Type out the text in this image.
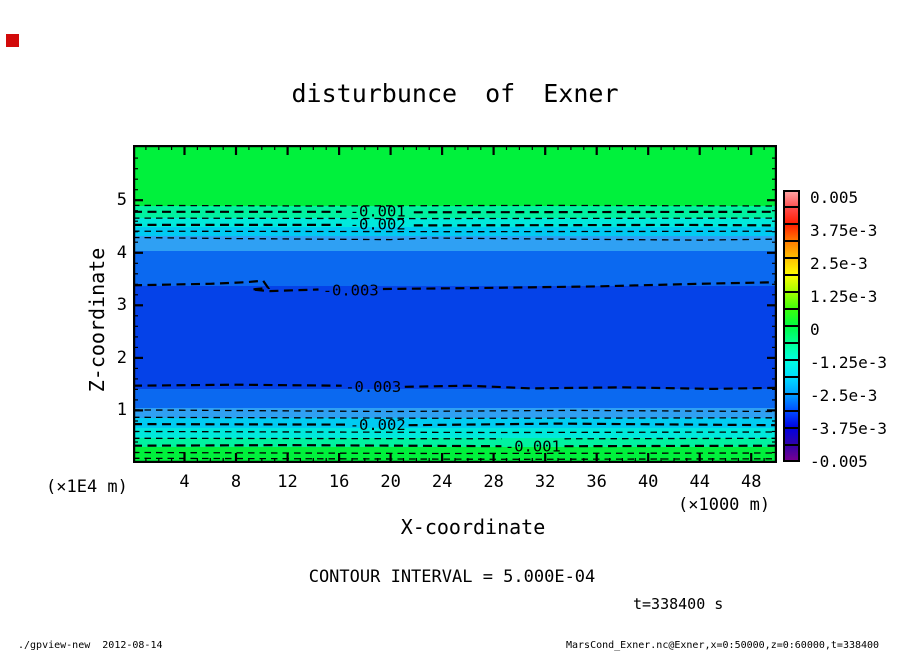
disturbunce of Exner
-0.001
-0.002
-0.003
-0.003
-0.002
-0.001
Z-coordinate
(×1E4 m)
X-coordinate
(×1000 m)
CONTOUR INTERVAL = 5.000E-04
t=338400 s
./gpview-new  2012-08-14	MarsCond_Exner.nc@Exner,x=0:50000,z=0:60000,t=338400
4	8	12	16	20	24	28	32	36	40	44	48
1
2
3
4
5	0.005
3.75e-3
2.5e-3
1.25e-3
0
-1.25e-3
-2.5e-3
-3.75e-3
-0.005
